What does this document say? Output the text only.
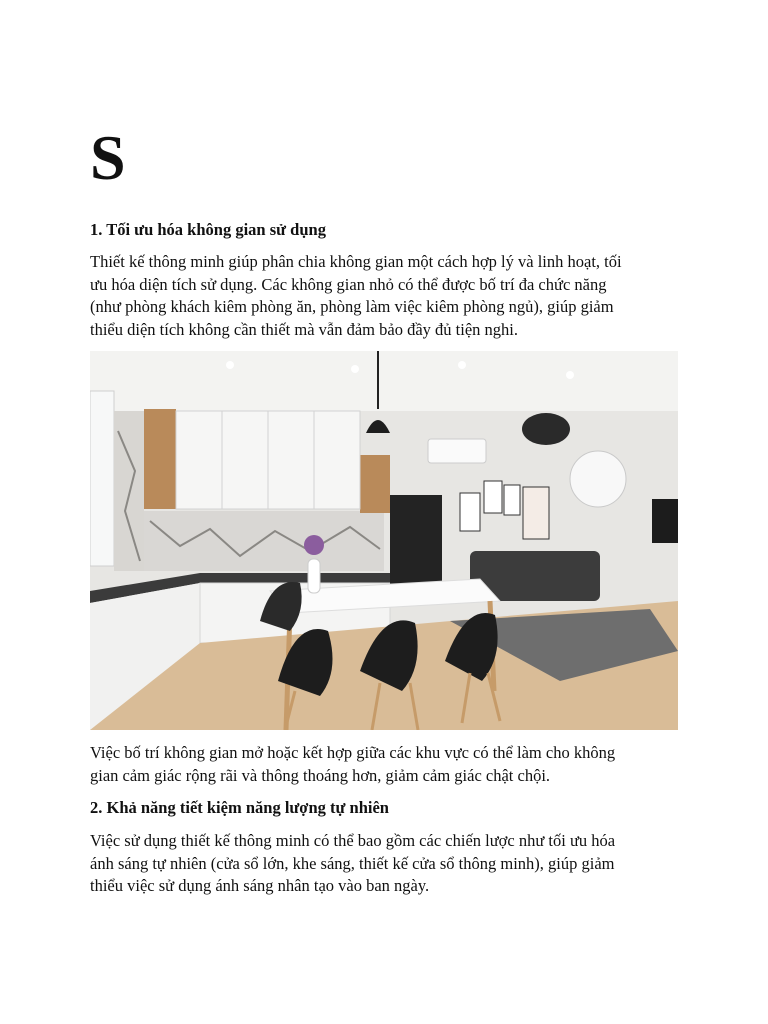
S
1. Tối ưu hóa không gian sử dụng

Thiết kế thông minh giúp phân chia không gian một cách hợp lý và linh hoạt, tối
ưu hóa diện tích sử dụng. Các không gian nhỏ có thể được bố trí đa chức năng
(như phòng khách kiêm phòng ăn, phòng làm việc kiêm phòng ngủ), giúp giảm
thiểu diện tích không cần thiết mà vẫn đảm bảo đầy đủ tiện nghi.

Việc bố trí không gian mở hoặc kết hợp giữa các khu vực có thể làm cho không
gian cảm giác rộng rãi và thông thoáng hơn, giảm cảm giác chật chội.

2. Khả năng tiết kiệm năng lượng tự nhiên

Việc sử dụng thiết kế thông minh có thể bao gồm các chiến lược như tối ưu hóa
ánh sáng tự nhiên (cửa sổ lớn, khe sáng, thiết kế cửa sổ thông minh), giúp giảm
thiểu việc sử dụng ánh sáng nhân tạo vào ban ngày.
